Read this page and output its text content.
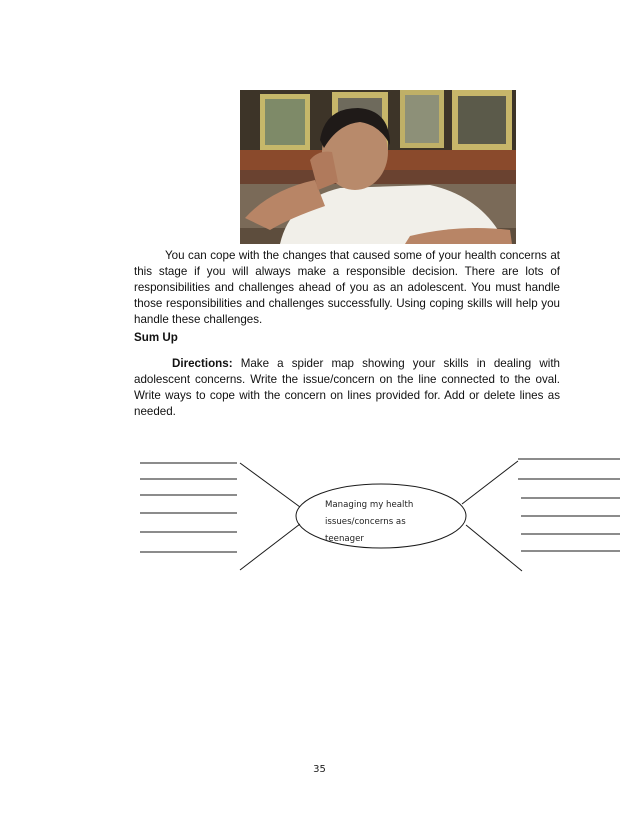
You can cope with the changes that caused some of your health concerns at this stage if you will always make a responsible decision. There are lots of responsibilities and challenges ahead of you as an adolescent. You must handle those responsibilities and challenges successfully. Using coping skills will help you handle these challenges.

Sum Up

Directions: Make a spider map showing your skills in dealing with adolescent concerns. Write the issue/concern on the line connected to the oval. Write ways to cope with the concern on lines provided for. Add or delete lines as needed.

Managing my health issues/concerns as teenager
35
